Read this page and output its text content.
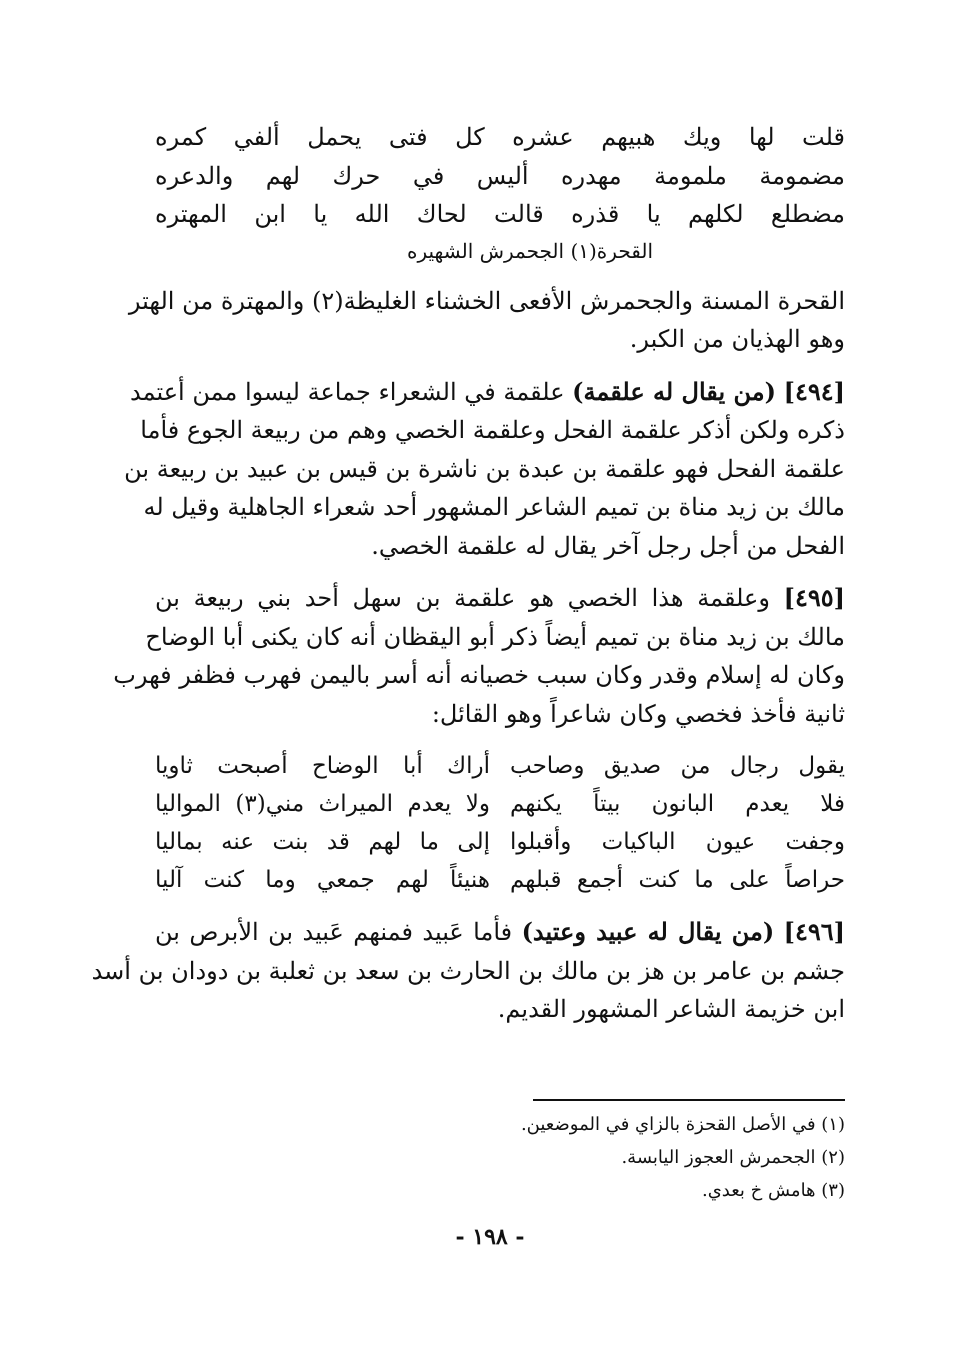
قلت لها ويك هبيهم عشره كل فتى يحمل ألفي كمره
مضمومة ملمومة مهدره أليس في حرك لهم والدعره
مضطلع لكلهم يا قذره قالت لحاك الله يا ابن المهتره
القحرة(١) الجحمرش الشهيره
القحرة المسنة والجحمرش الأفعى الخشناء الغليظة(٢) والمهترة من الهتر
وهو الهذيان من الكبر.
[٤٩٤] (من يقال له علقمة) علقمة في الشعراء جماعة ليسوا ممن أعتمد
ذكره ولكن أذكر علقمة الفحل وعلقمة الخصي وهم من ربيعة الجوع فأما
علقمة الفحل فهو علقمة بن عبدة بن ناشرة بن قيس بن عبيد بن ربيعة بن
مالك بن زيد مناة بن تميم الشاعر المشهور أحد شعراء الجاهلية وقيل له
الفحل من أجل رجل آخر يقال له علقمة الخصي.
[٤٩٥] وعلقمة هذا الخصي هو علقمة بن سهل أحد بني ربيعة بن
مالك بن زيد مناة بن تميم أيضاً ذكر أبو اليقظان أنه كان يكنى أبا الوضاح
وكان له إسلام وقدر وكان سبب خصيانه أنه أسر باليمن فهرب فظفر فهرب
ثانية فأخذ فخصي وكان شاعراً وهو القائل:
يقول رجال من صديق وصاحب
أراك أبا الوضاح أصبحت ثاويا
فلا يعدم البانون بيتاً يكنهم
ولا يعدم الميراث مني(٣) المواليا
وجفت عيون الباكيات وأقبلوا
إلى ما لهم قد بنت عنه بماليا
حراصاً على ما كنت أجمع قبلهم
هنيئاً لهم جمعي وما كنت آليا
[٤٩٦] (من يقال له عبيد وعتيد) فأما عَبيد فمنهم عَبيد بن الأبرص بن
جشم بن عامر بن هز بن مالك بن الحارث بن سعد بن ثعلبة بن دودان بن أسد
ابن خزيمة الشاعر المشهور القديم.
(١) في الأصل القحزة بالزاي في الموضعين.
(٢) الجحمرش العجوز اليابسة.
(٣) هامش خ بعدي.
- ١٩٨ -
